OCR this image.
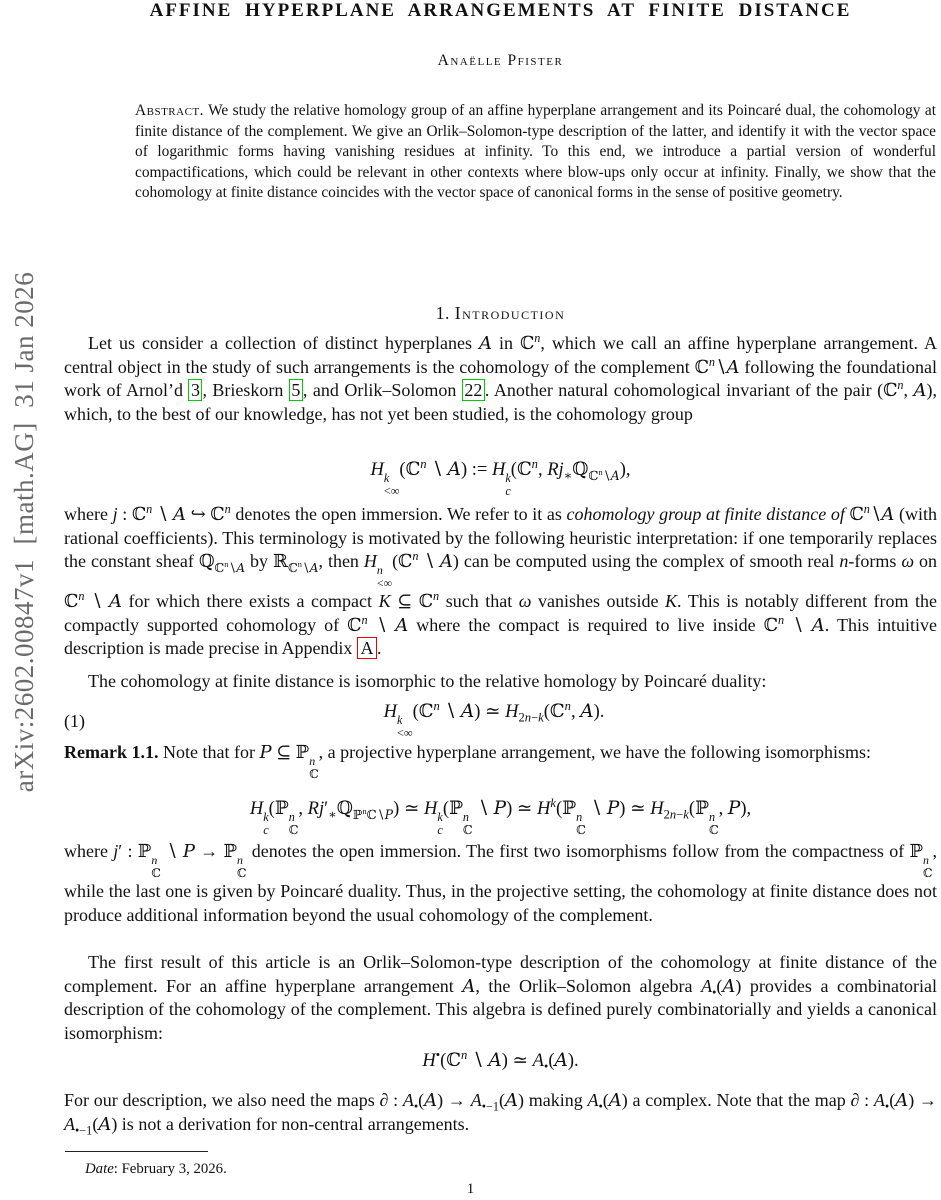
arXiv:2602.00847v1  [math.AG]  31 Jan 2026
AFFINE HYPERPLANE ARRANGEMENTS AT FINITE DISTANCE
Anaëlle Pfister
Abstract. We study the relative homology group of an affine hyperplane arrangement and its Poincaré dual, the cohomology at finite distance of the complement. We give an Orlik–Solomon-type description of the latter, and identify it with the vector space of logarithmic forms having vanishing residues at infinity. To this end, we introduce a partial version of wonderful compactifications, which could be relevant in other contexts where blow-ups only occur at infinity. Finally, we show that the cohomology at finite distance coincides with the vector space of canonical forms in the sense of positive geometry.
1. Introduction

Let us consider a collection of distinct hyperplanes A in ℂ$^n$, which we call an affine hyperplane arrangement. A central object in the study of such arrangements is the cohomology of the complement ℂ$^n$∖A following the foundational work of Arnol’d 3 , Brieskorn 5 , and Orlik–Solomon 22 . Another natural cohomological invariant of the pair (ℂ$^n$, A), which, to the best of our knowledge, has not yet been studied, is the cohomology group

H k
<∞
(ℂ$^n$ ∖ A) := H k
c
(ℂ$^n$, $Rj_∗ℚ_{ℂ^n∖A}$),

where j : ℂ$^n$ ∖ A ↪ ℂ$^n$ denotes the open immersion. We refer to it as cohomology group at finite distance of ℂ$^n$∖A (with rational coefficients). This terminology is motivated by the following heuristic interpretation: if one temporarily replaces the constant sheaf ℚ$_{ℂ^n∖A}$ by ℝ$_{ℂ^n∖A}$, then H n
<∞
(ℂ$^n$ ∖ A) can be computed using the complex of smooth real n-forms ω on ℂ$^n$ ∖ A for which there exists a compact K ⊆ ℂ$^n$ such that ω vanishes outside K. This is notably different from the compactly supported cohomology of ℂ$^n$ ∖ A where the compact is required to live inside ℂ$^n$ ∖ A. This intuitive description is made precise in Appendix A .

The cohomology at finite distance is isomorphic to the relative homology by Poincaré duality:

(1)	H k
<∞
(ℂ$^n$ ∖ A) ≃ $H_{2n-k}(ℂ^n$, A).

Remark 1.1. Note that for P ⊆ ℙ n
ℂ
, a projective hyperplane arrangement, we have the following isomorphisms:

H k
c
(ℙ n
ℂ
, $Rj'_∗ℚ_{ℙ^nℂ∖P}$) ≃ H k
c
(ℙ n
ℂ
∖ P) ≃ $H^k(ℙ$ n
ℂ
∖ P) ≃ $H_{2n-k}(ℙ$ n
ℂ
, P),

where j′ : ℙ n
ℂ
∖ P → ℙ n
ℂ
denotes the open immersion. The first two isomorphisms follow from the compactness of ℙ n
ℂ
, while the last one is given by Poincaré duality. Thus, in the projective setting, the cohomology at finite distance does not produce additional information beyond the usual cohomology of the complement.

The first result of this article is an Orlik–Solomon-type description of the cohomology at finite distance of the complement. For an affine hyperplane arrangement A, the Orlik–Solomon algebra $A_•(A)$ provides a combinatorial description of the cohomology of the complement. This algebra is defined purely combinatorially and yields a canonical isomorphism:

H•(ℂ$^n$ ∖ A) ≃ $A_•(A)$.

For our description, we also need the maps ∂ : $A_•(A) \to A_{•-1}(A)$ making $A_•(A)$ a complex. Note that the map ∂ : $A_•(A) \to A_{•-1}(A)$ is not a derivation for non-central arrangements.

Date: February 3, 2026.
1
